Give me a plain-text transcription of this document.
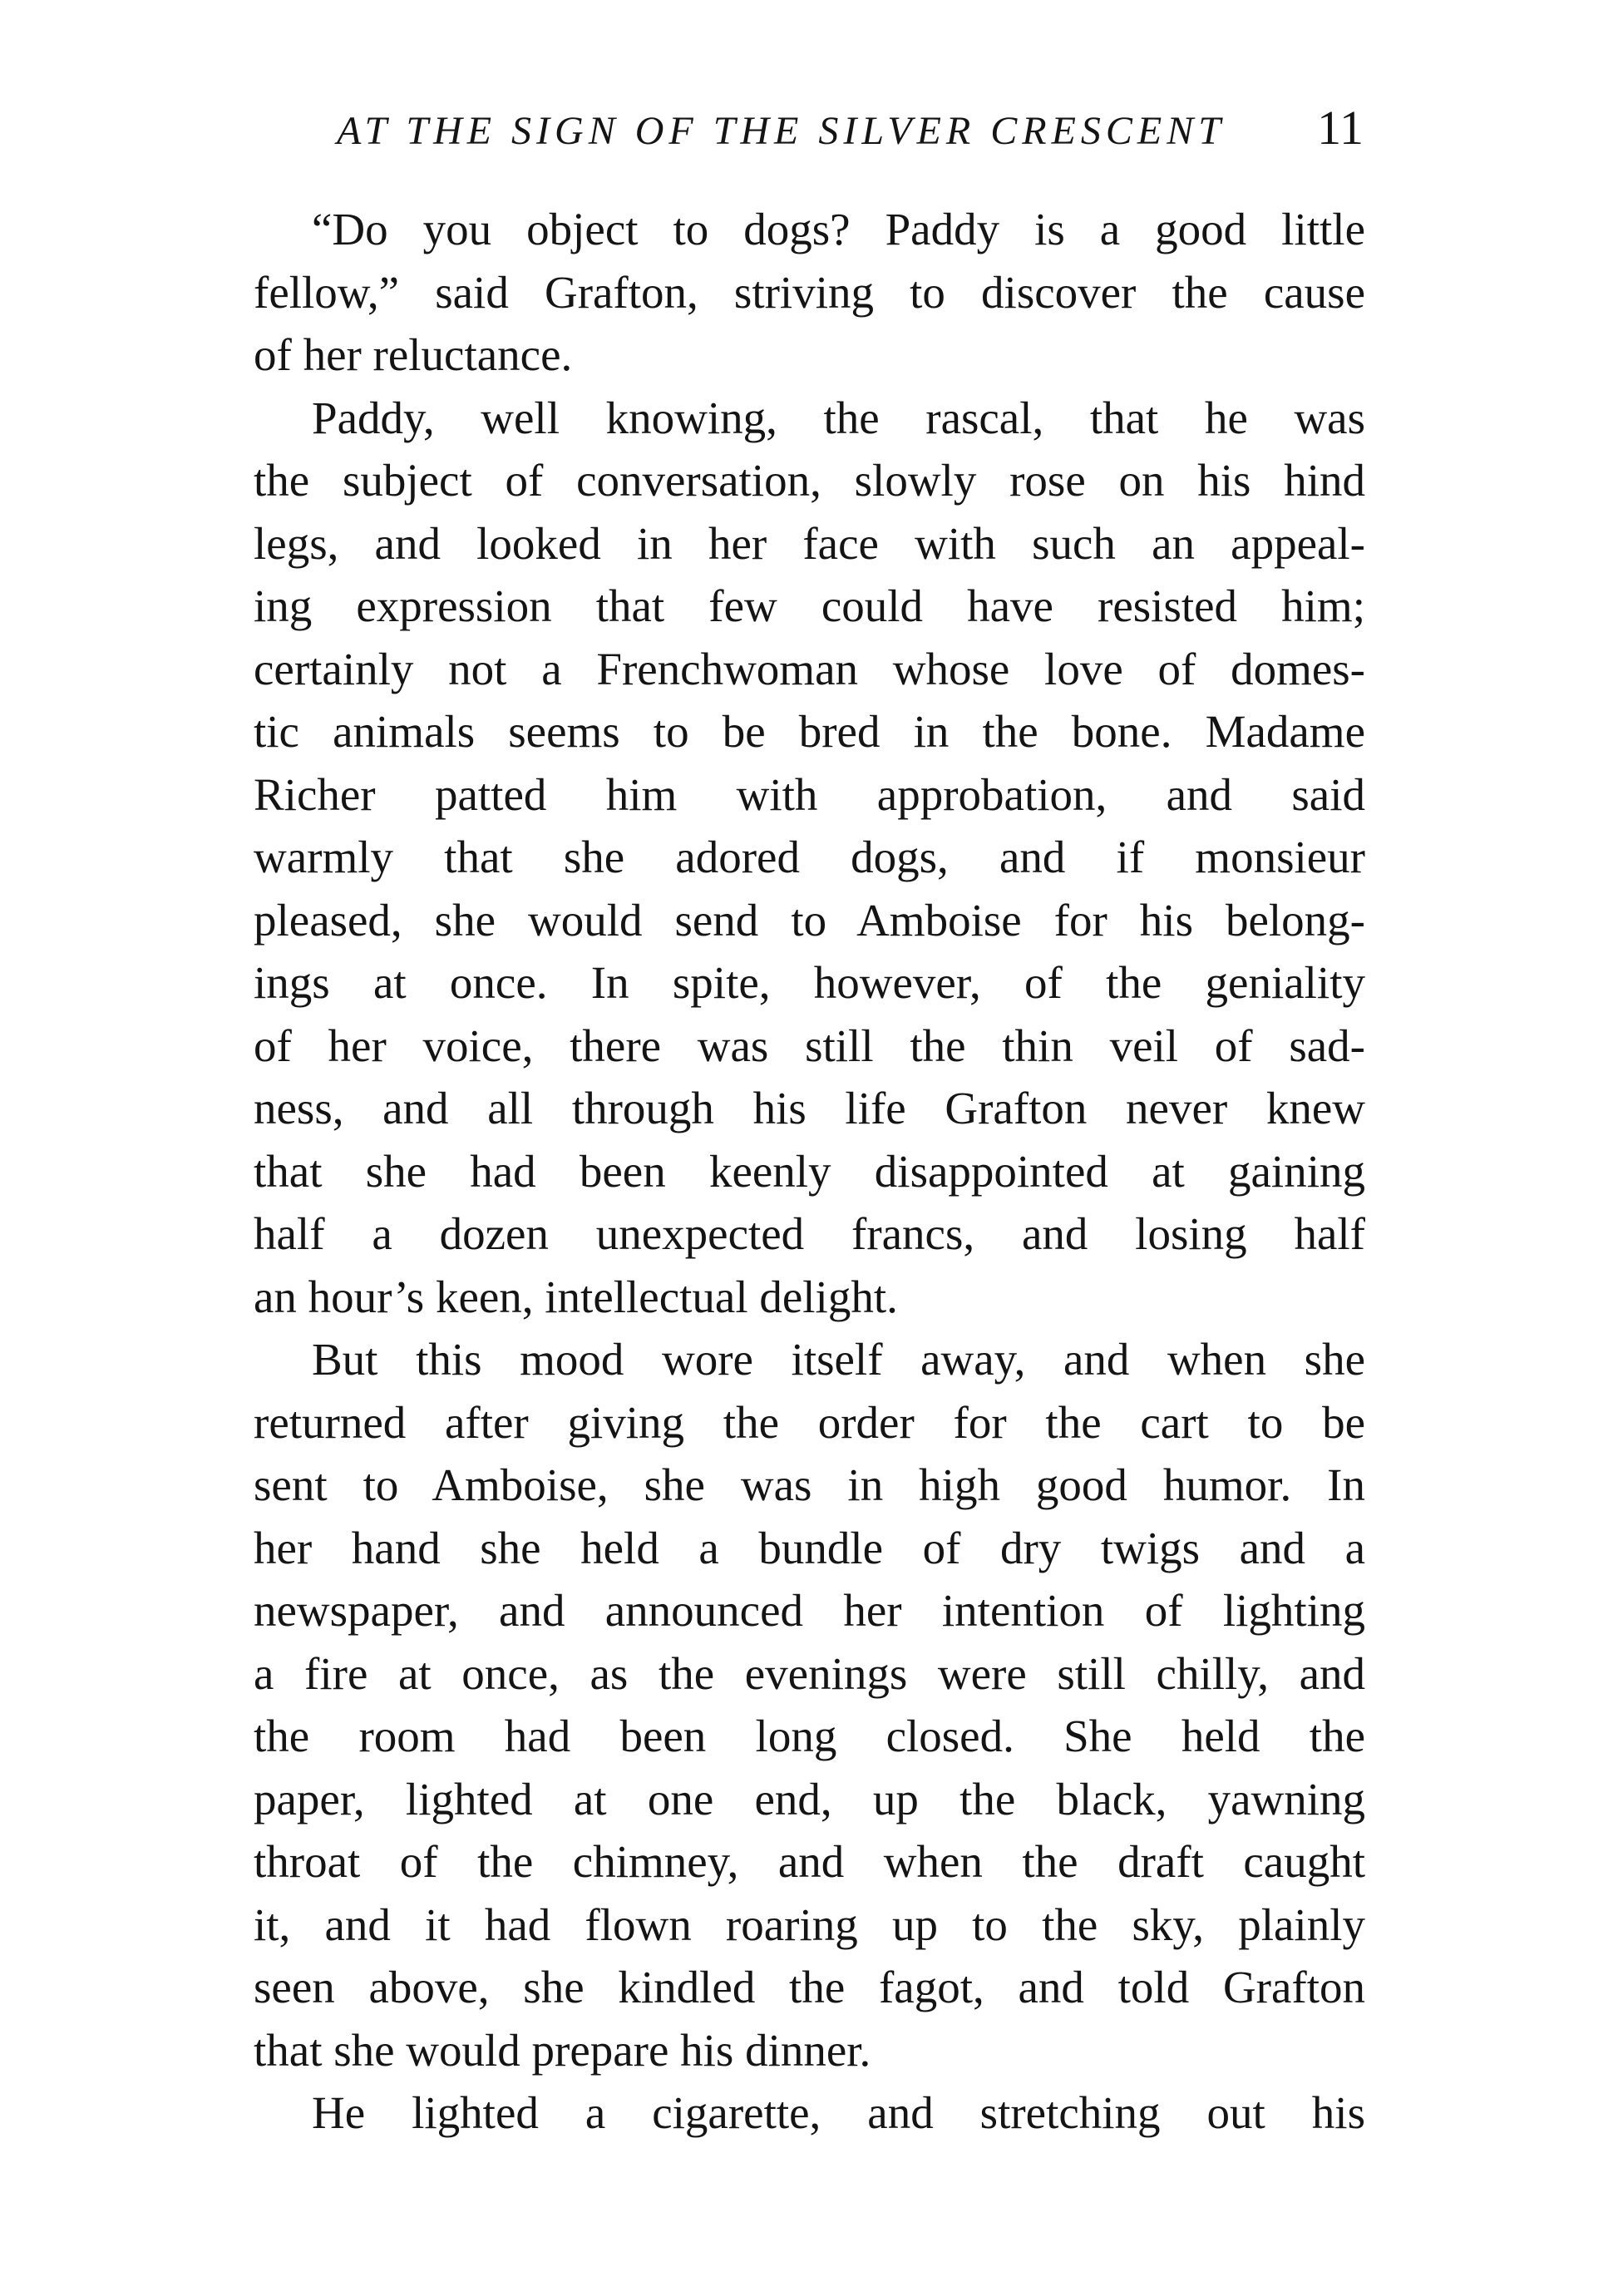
AT THE SIGN OF THE SILVER CRESCENT 11
“Do you object to dogs? Paddy is a good little
fellow,” said Grafton, striving to discover the cause
of her reluctance.
Paddy, well knowing, the rascal, that he was
the subject of conversation, slowly rose on his hind
legs, and looked in her face with such an appeal-
ing expression that few could have resisted him;
certainly not a Frenchwoman whose love of domes-
tic animals seems to be bred in the bone. Madame
Richer patted him with approbation, and said
warmly that she adored dogs, and if monsieur
pleased, she would send to Amboise for his belong-
ings at once. In spite, however, of the geniality
of her voice, there was still the thin veil of sad-
ness, and all through his life Grafton never knew
that she had been keenly disappointed at gaining
half a dozen unexpected francs, and losing half
an hour’s keen, intellectual delight.
But this mood wore itself away, and when she
returned after giving the order for the cart to be
sent to Amboise, she was in high good humor. In
her hand she held a bundle of dry twigs and a
newspaper, and announced her intention of lighting
a fire at once, as the evenings were still chilly, and
the room had been long closed. She held the
paper, lighted at one end, up the black, yawning
throat of the chimney, and when the draft caught
it, and it had flown roaring up to the sky, plainly
seen above, she kindled the fagot, and told Grafton
that she would prepare his dinner.
He lighted a cigarette, and stretching out his
